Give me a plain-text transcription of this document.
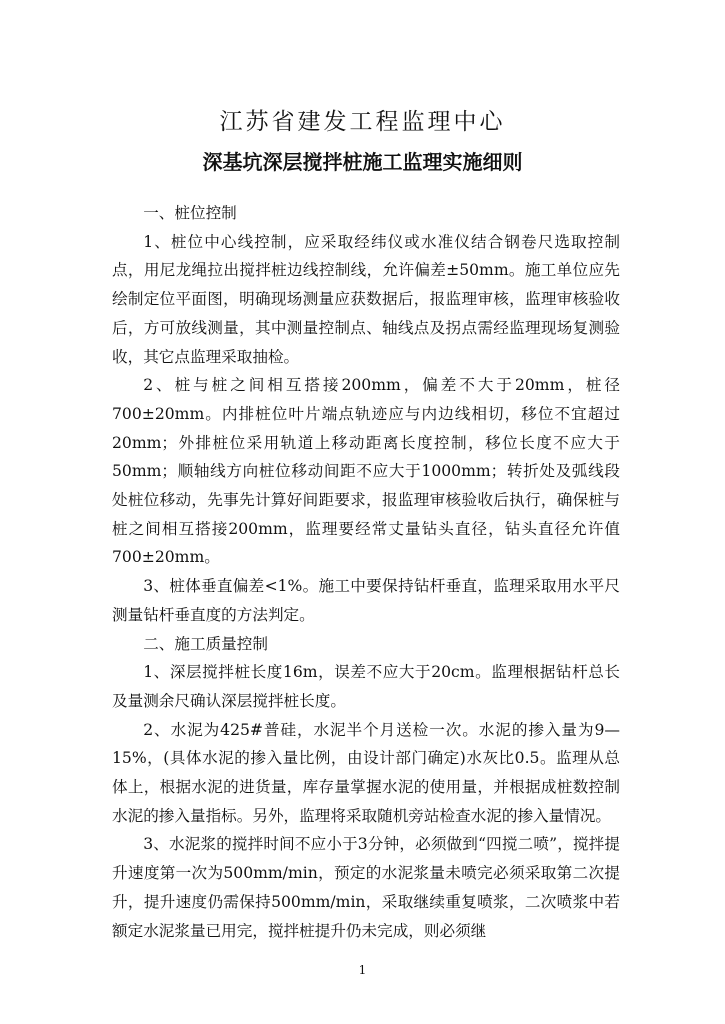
江苏省建发工程监理中心
深基坑深层搅拌桩施工监理实施细则

一、桩位控制

1、桩位中心线控制，应采取经纬仪或水准仪结合钢卷尺选取控制点，用尼龙绳拉出搅拌桩边线控制线，允许偏差±50mm。施工单位应先绘制定位平面图，明确现场测量应获数据后，报监理审核，监理审核验收后，方可放线测量，其中测量控制点、轴线点及拐点需经监理现场复测验收，其它点监理采取抽检。

2、桩与桩之间相互搭接200mm，偏差不大于20mm，桩径700±20mm。内排桩位叶片端点轨迹应与内边线相切，移位不宜超过20mm；外排桩位采用轨道上移动距离长度控制，移位长度不应大于50mm；顺轴线方向桩位移动间距不应大于1000mm；转折处及弧线段处桩位移动，先事先计算好间距要求，报监理审核验收后执行，确保桩与桩之间相互搭接200mm，监理要经常丈量钻头直径，钻头直径允许值700±20mm。

3、桩体垂直偏差<1%。施工中要保持钻杆垂直，监理采取用水平尺测量钻杆垂直度的方法判定。

二、施工质量控制

1、深层搅拌桩长度16m，误差不应大于20cm。监理根据钻杆总长及量测余尺确认深层搅拌桩长度。

2、水泥为425#普硅，水泥半个月送检一次。水泥的掺入量为9—15%，(具体水泥的掺入量比例，由设计部门确定)水灰比0.5。监理从总体上，根据水泥的进货量，库存量掌握水泥的使用量，并根据成桩数控制水泥的掺入量指标。另外，监理将采取随机旁站检查水泥的掺入量情况。

3、水泥浆的搅拌时间不应小于3分钟，必须做到“四搅二喷”，搅拌提升速度第一次为500mm/min，预定的水泥浆量未喷完必须采取第二次提升，提升速度仍需保持500mm/min，采取继续重复喷浆，二次喷浆中若额定水泥浆量已用完，搅拌桩提升仍未完成，则必须继

1
